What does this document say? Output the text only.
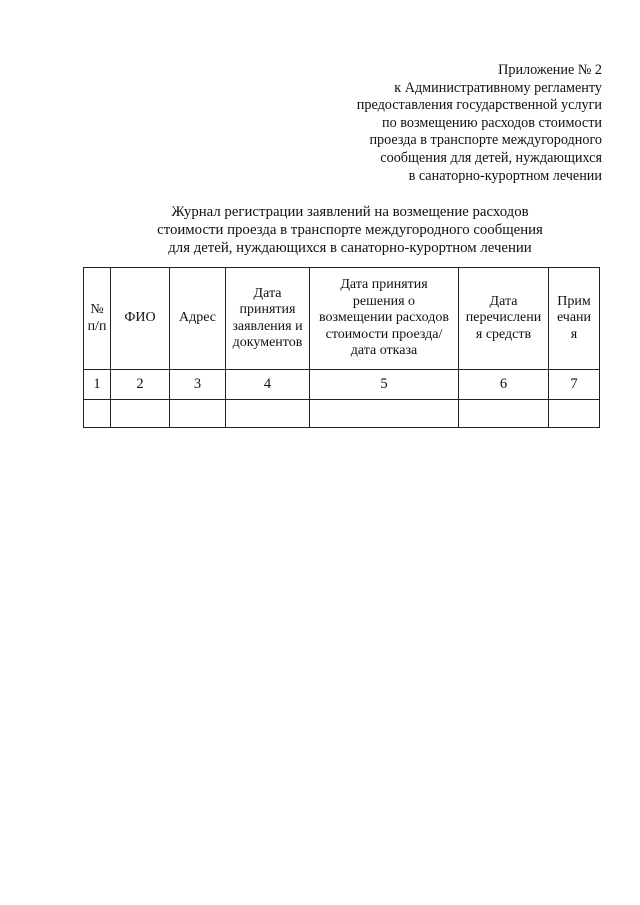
Приложение № 2
к Административному регламенту
предоставления государственной услуги
по возмещению расходов стоимости
проезда в транспорте междугородного
сообщения для детей, нуждающихся
в санаторно-курортном лечении
Журнал регистрации заявлений на возмещение расходов
стоимости проезда в транспорте междугородного сообщения
для детей, нуждающихся в санаторно-курортном лечении
№
п/п	ФИО	Адрес	Дата
принятия
заявления и
документов	Дата принятия
решения о
возмещении расходов
стоимости проезда/
дата отказа	Дата
перечислени
я средств	Прим
ечани
я

1	2	3	4	5	6	7
